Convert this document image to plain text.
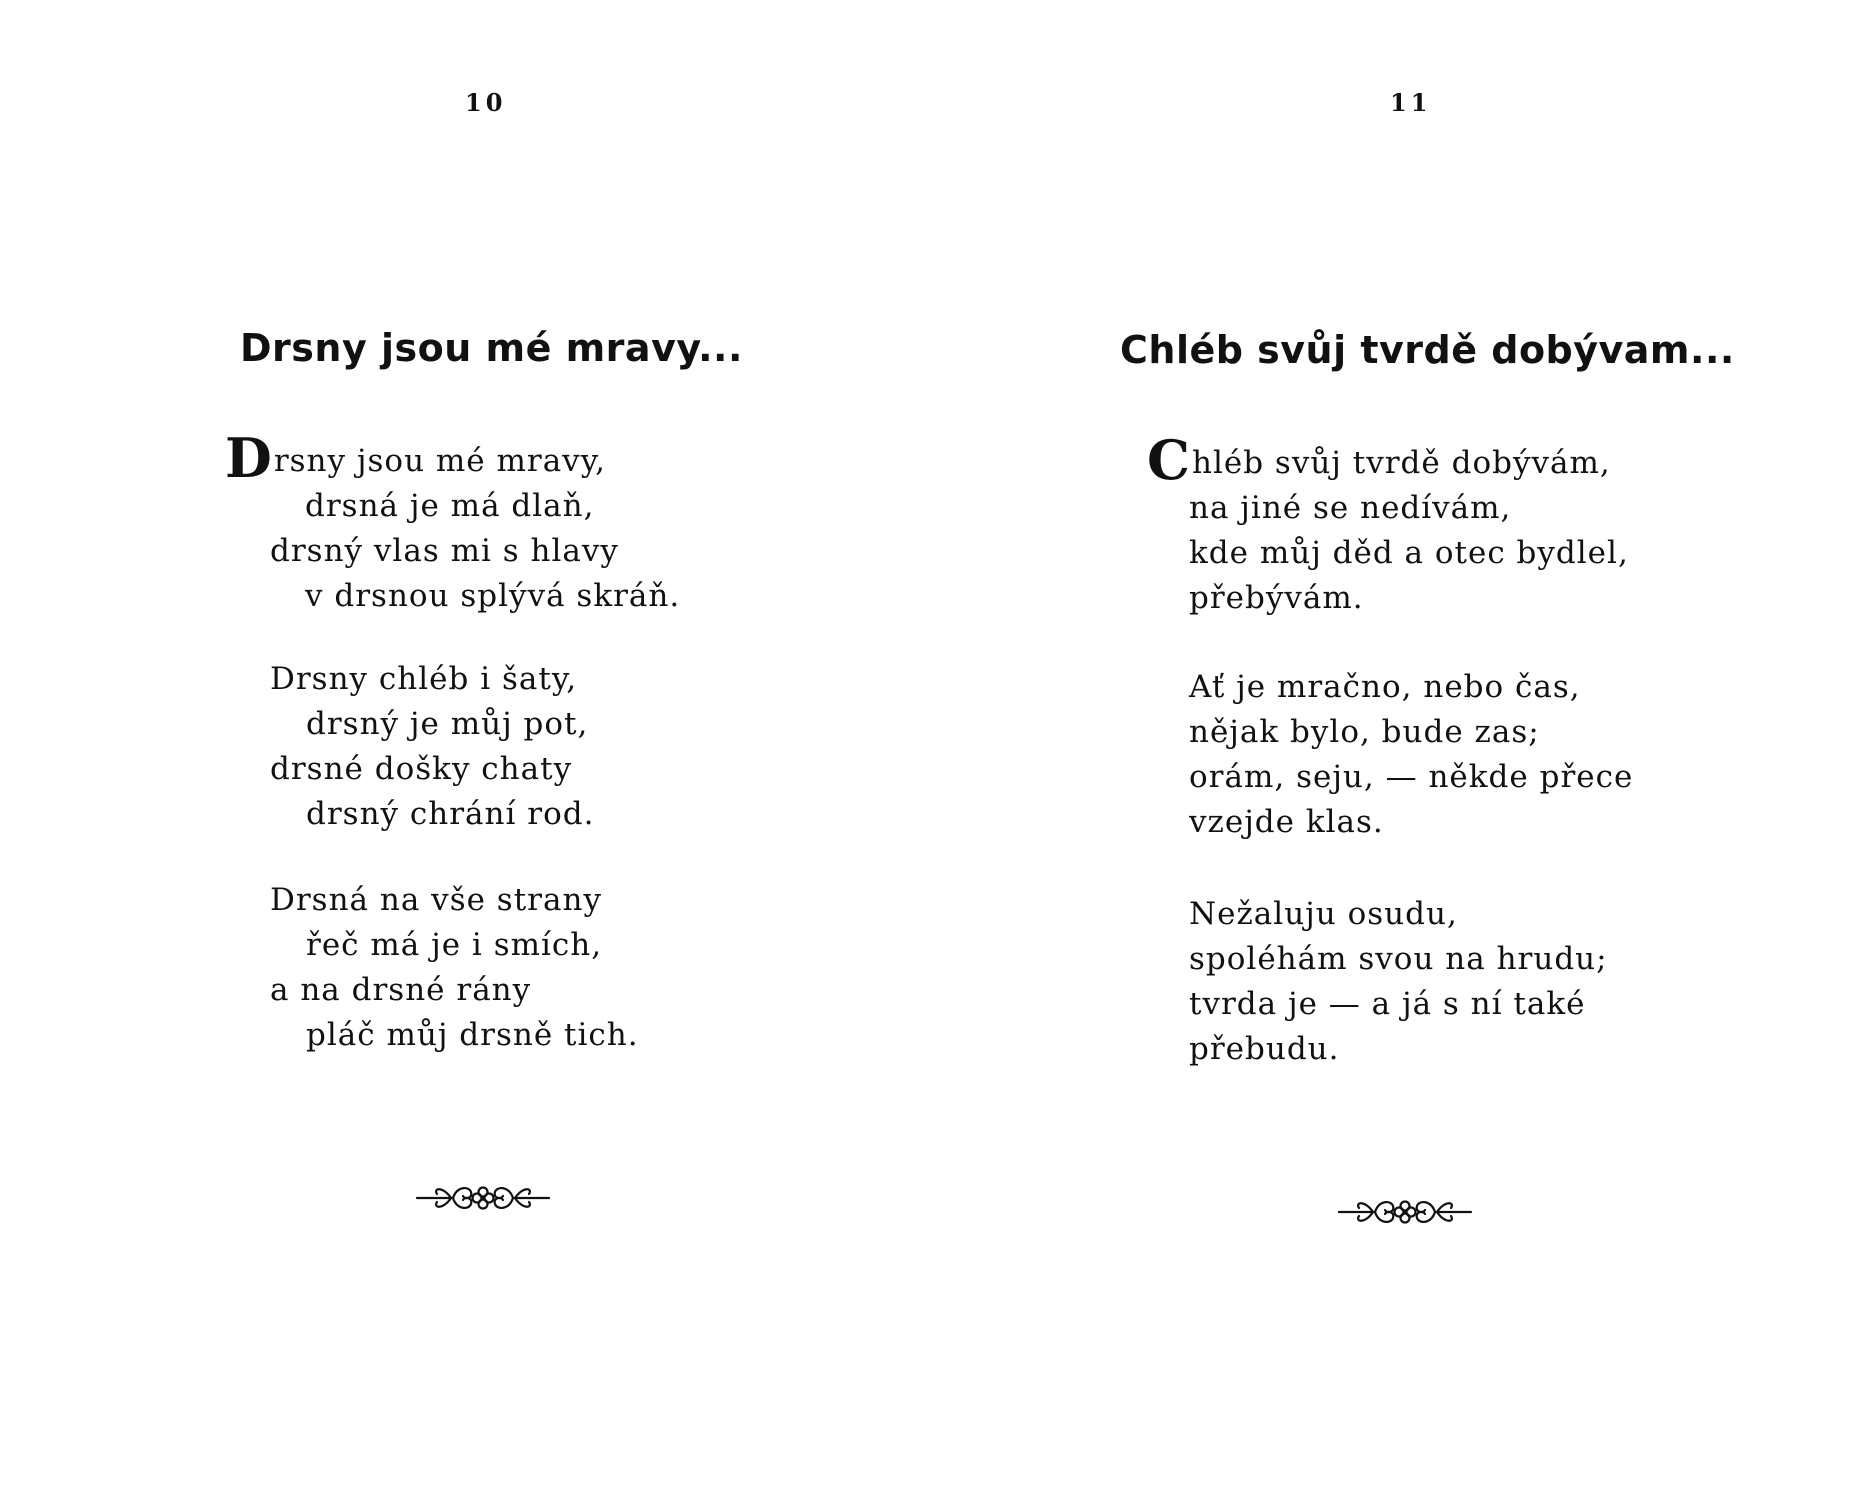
10
Drsny jsou mé mravy...
Drsny jsou mé mravy,
drsná je má dlaň,
drsný vlas mi s hlavy
v drsnou splývá skráň.
Drsny chléb i šaty,
drsný je můj pot,
drsné došky chaty
drsný chrání rod.
Drsná na vše strany
řeč má je i smích,
a na drsné rány
pláč můj drsně tich.
11
Chléb svůj tvrdě dobývam...
Chléb svůj tvrdě dobývám,
na jiné se nedívám,
kde můj děd a otec bydlel,
přebývám.
Ať je mračno, nebo čas,
nějak bylo, bude zas;
orám, seju, — někde přece
vzejde klas.
Nežaluju osudu,
spoléhám svou na hrudu;
tvrda je — a já s ní také
přebudu.
